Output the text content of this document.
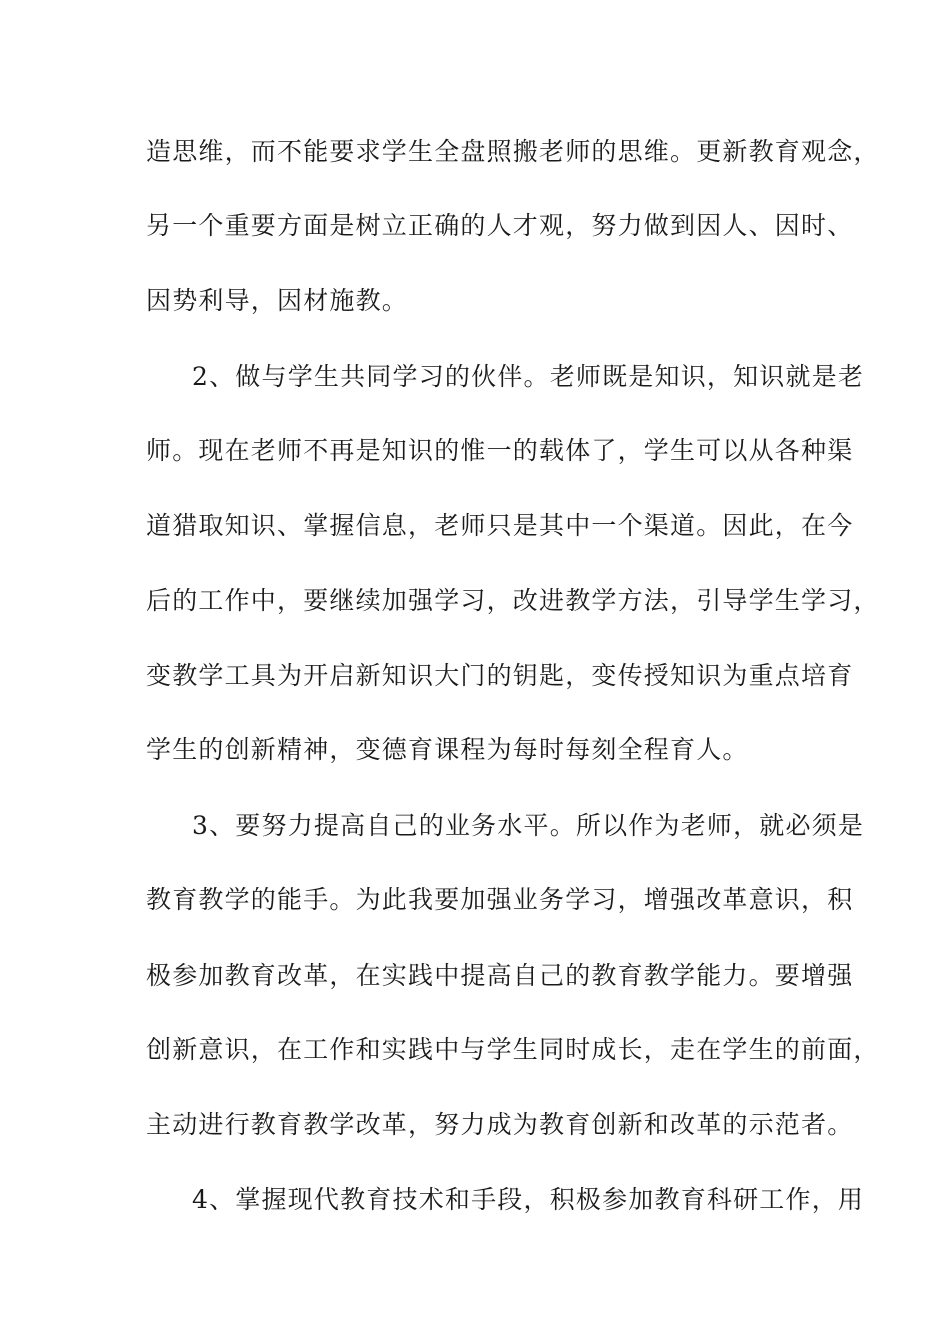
造思维，而不能要求学生全盘照搬老师的思维。更新教育观念，
另一个重要方面是树立正确的人才观，努力做到因人、因时、
因势利导，因材施教。
2、做与学生共同学习的伙伴。老师既是知识，知识就是老
师。现在老师不再是知识的惟一的载体了，学生可以从各种渠
道猎取知识、掌握信息，老师只是其中一个渠道。因此，在今
后的工作中，要继续加强学习，改进教学方法，引导学生学习，
变教学工具为开启新知识大门的钥匙，变传授知识为重点培育
学生的创新精神，变德育课程为每时每刻全程育人。
3、要努力提高自己的业务水平。所以作为老师，就必须是
教育教学的能手。为此我要加强业务学习，增强改革意识，积
极参加教育改革，在实践中提高自己的教育教学能力。要增强
创新意识，在工作和实践中与学生同时成长，走在学生的前面，
主动进行教育教学改革，努力成为教育创新和改革的示范者。
4、掌握现代教育技术和手段，积极参加教育科研工作，用
